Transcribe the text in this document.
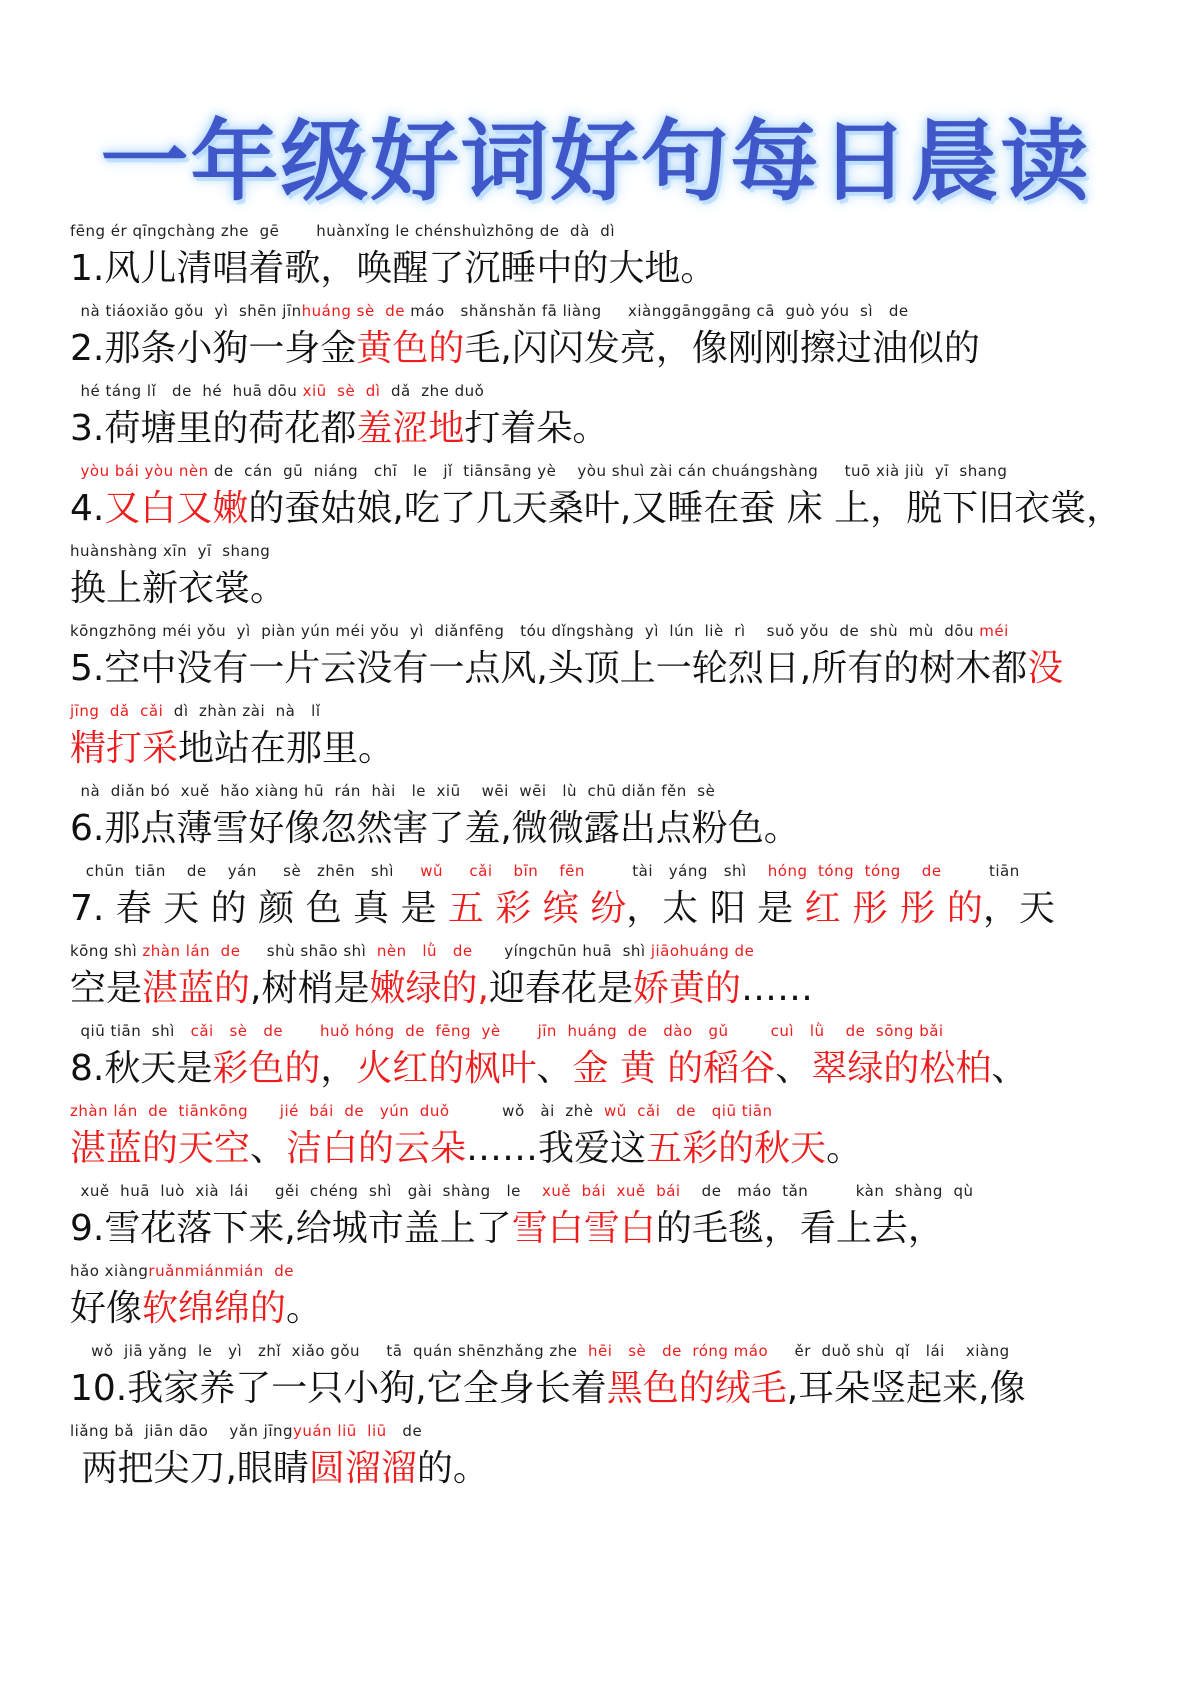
一年级好词好句每日晨读
fēng ér qīngchàng zhe  gē       huànxǐng le chénshuìzhōng de  dà  dì
1.风儿清唱着歌，唤醒了沉睡中的大地。
nà tiáoxiǎo gǒu  yì  shēn jīnhuáng sè  de máo   shǎnshǎn fā liàng     xiànggānggāng cā  guò yóu  sì   de
2.那条小狗一身金黄色的毛,闪闪发亮，像刚刚擦过油似的
hé táng lǐ   de  hé  huā dōu xiū  sè  dì  dǎ  zhe duǒ
3.荷塘里的荷花都羞涩地打着朵。
yòu bái yòu nèn de  cán  gū  niáng   chī   le   jǐ  tiānsāng yè    yòu shuì zài cán chuángshàng     tuō xià jiù  yī  shang
4.又白又嫩的蚕姑娘,吃了几天桑叶,又睡在蚕 床 上，脱下旧衣裳，
huànshàng xīn  yī  shang
换上新衣裳。
kōngzhōng méi yǒu  yì  piàn yún méi yǒu  yì  diǎnfēng   tóu dǐngshàng  yì  lún  liè  rì    suǒ yǒu  de  shù  mù  dōu méi
5.空中没有一片云没有一点风,头顶上一轮烈日,所有的树木都没
jīng  dǎ  cǎi  dì  zhàn zài  nà   lǐ
精打采地站在那里。
nà  diǎn bó  xuě  hǎo xiàng hū  rán  hài   le  xiū    wēi  wēi   lù  chū diǎn fěn  sè
6.那点薄雪好像忽然害了羞,微微露出点粉色。
chūn  tiān    de    yán     sè   zhēn   shì     wǔ     cǎi    bīn    fēn         tài   yáng   shì    hóng  tóng  tóng    de         tiān
7. 春 天 的 颜 色 真 是 五 彩 缤 纷，太 阳 是 红 彤 彤 的，天
kōng shì zhàn lán  de     shù shāo shì  nèn   lǜ   de      yíngchūn huā  shì jiāohuáng de
空是湛蓝的,树梢是嫩绿的,迎春花是娇黄的……
qiū tiān  shì   cǎi   sè   de huǒ hóng  de  fēng  yè jīn  huáng  de   dào   gǔ	cuì   lǜ    de  sōng bǎi
8.秋天是彩色的，火红的枫叶、金 黄 的稻谷、翠绿的松柏、
zhàn lán  de  tiānkōng jié  bái  de   yún  duǒ          wǒ   ài  zhè  wǔ  cǎi   de   qiū tiān
湛蓝的天空、洁白的云朵……我爱这五彩的秋天。
xuě  huā  luò  xià  lái     gěi  chéng  shì   gài  shàng   le    xuě  bái  xuě  bái    de   máo  tǎn         kàn  shàng  qù
9.雪花落下来,给城市盖上了雪白雪白的毛毯，看上去，
hǎo xiàngruǎnmiánmián  de
好像软绵绵的。
wǒ  jiā yǎng  le   yì   zhǐ  xiǎo gǒu     tā  quán shēnzhǎng zhe  hēi   sè   de  róng máo     ěr  duǒ shù  qǐ   lái    xiàng
10.我家养了一只小狗,它全身长着黑色的绒毛,耳朵竖起来,像
liǎng bǎ  jiān dāo    yǎn jīngyuán liū  liū   de
两把尖刀,眼睛圆溜溜的。
